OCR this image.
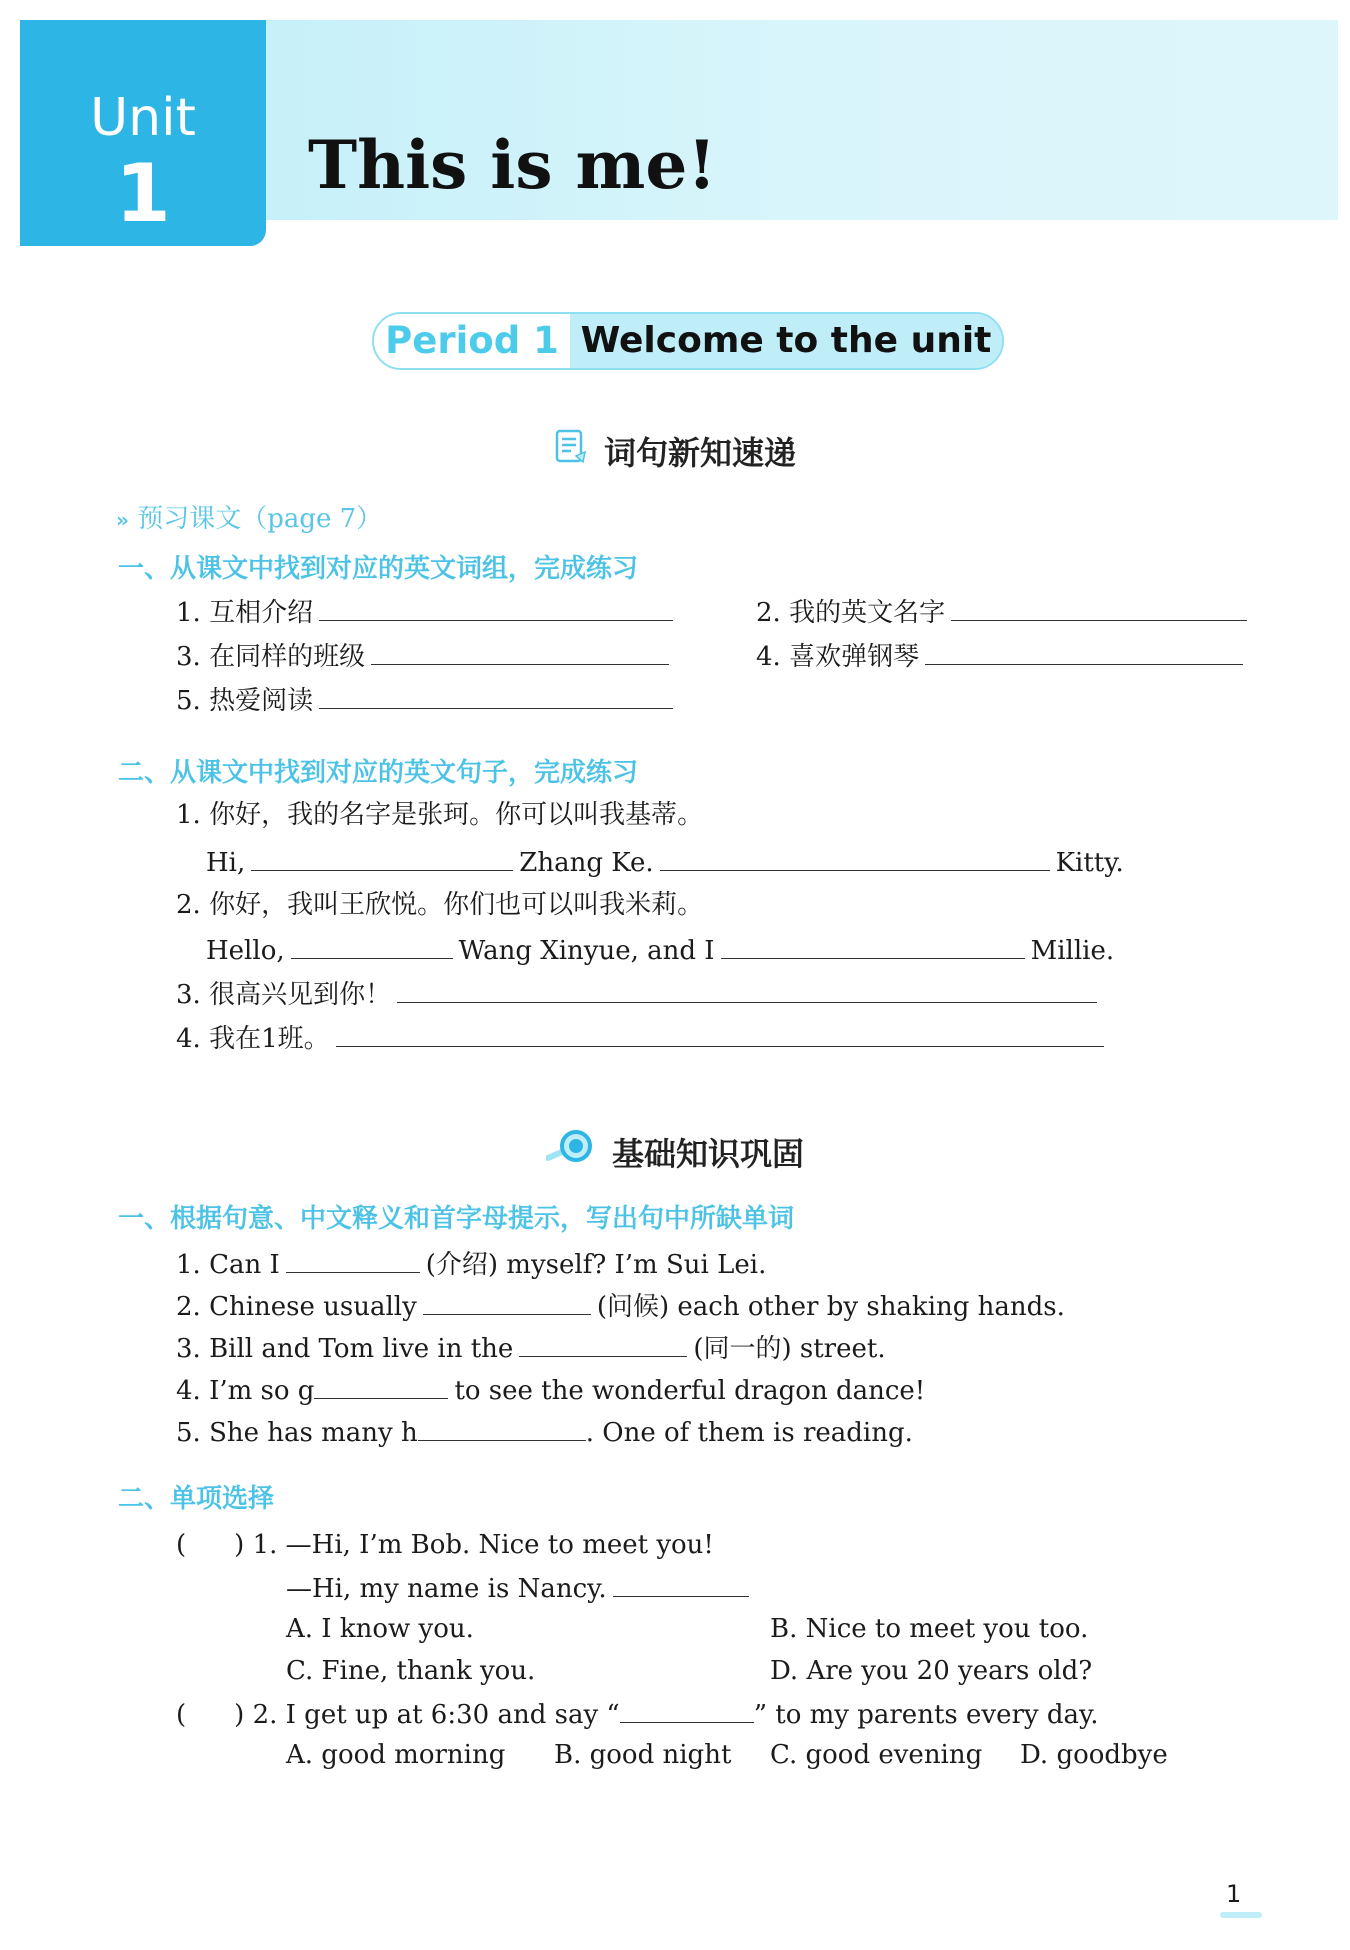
Unit
1	This is me!
Period 1 Welcome to the unit
词句新知速递
» 预习课文（page 7）
一、从课文中找到对应的英文词组，完成练习
1. 互相介绍	2. 我的英文名字
3. 在同样的班级	4. 喜欢弹钢琴
5. 热爱阅读
二、从课文中找到对应的英文句子，完成练习
1. 你好，我的名字是张珂。你可以叫我基蒂。
Hi,	Zhang Ke.	Kitty.
2. 你好，我叫王欣悦。你们也可以叫我米莉。
Hello,	Wang Xinyue, and I	Millie.
3. 很高兴见到你！
4. 我在1班。
基础知识巩固
一、根据句意、中文释义和首字母提示，写出句中所缺单词
1. Can I	(介绍) myself? I’m Sui Lei.
2. Chinese usually	(问候) each other by shaking hands.
3. Bill and Tom live in the	(同一的) street.
4. I’m so g	to see the wonderful dragon dance!
5. She has many h	. One of them is reading.
二、单项选择
( ) 1. —Hi, I’m Bob. Nice to meet you!
—Hi, my name is Nancy.
A. I know you.	B. Nice to meet you too.
C. Fine, thank you.	D. Are you 20 years old?
( ) 2. I get up at 6:30 and say “	” to my parents every day.
A. good morning B. good night C. good evening D. goodbye
1
